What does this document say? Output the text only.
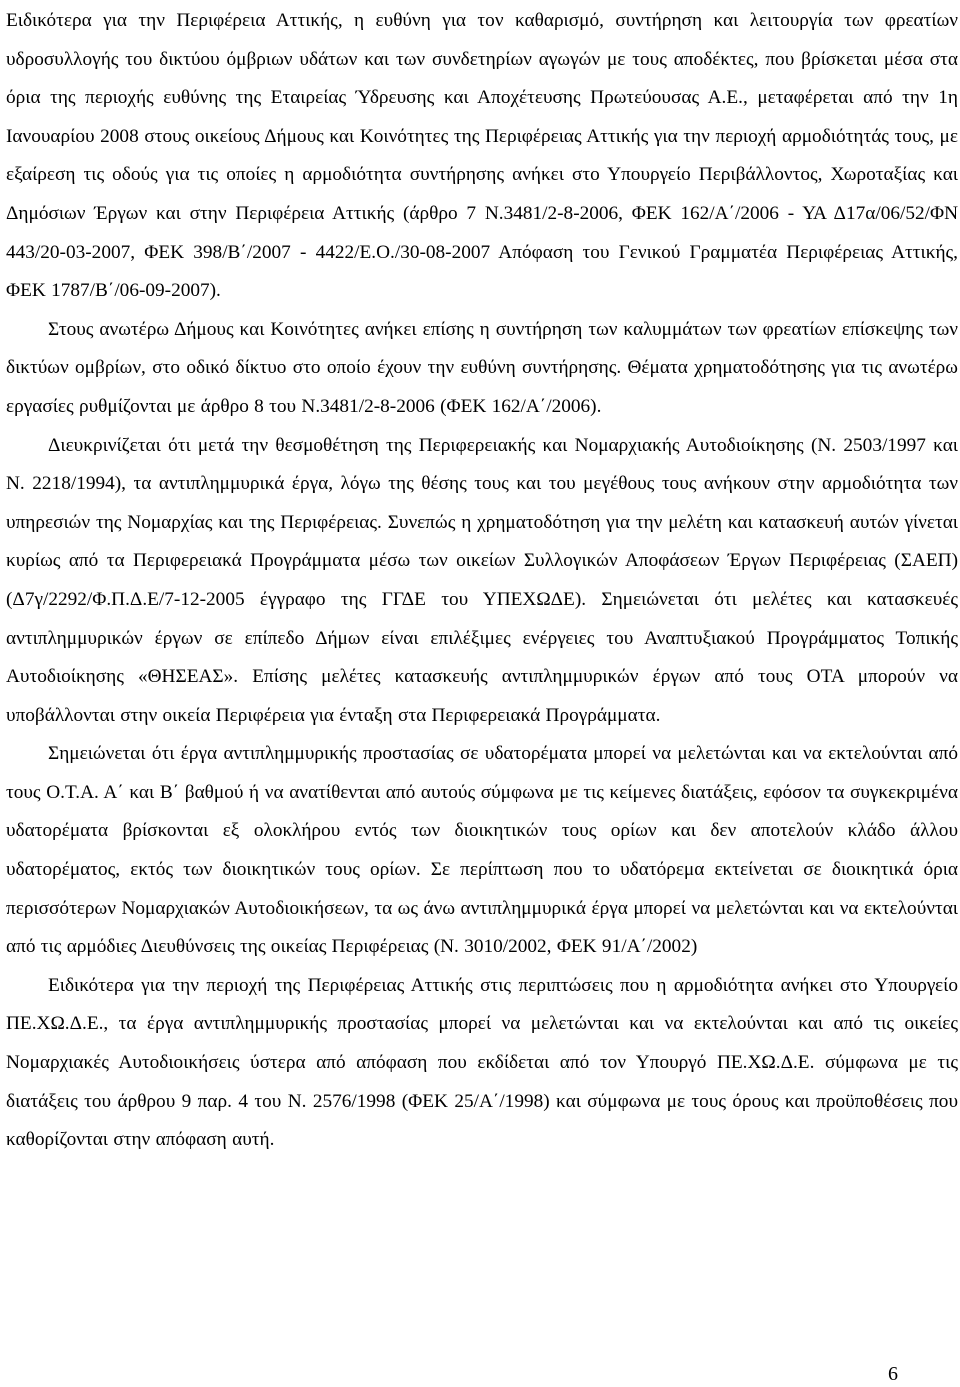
Ειδικότερα για την Περιφέρεια Αττικής, η ευθύνη για τον καθαρισμό, συντήρηση και λειτουργία των φρεατίων υδροσυλλογής του δικτύου όμβριων υδάτων και των συνδετηρίων αγωγών με τους αποδέκτες, που βρίσκεται μέσα στα όρια της περιοχής ευθύνης της Εταιρείας Ύδρευσης και Αποχέτευσης Πρωτεύουσας Α.Ε., μεταφέρεται από την 1η Ιανουαρίου 2008 στους οικείους Δήμους και Κοινότητες της Περιφέρειας Αττικής για την περιοχή αρμοδιότητάς τους, με εξαίρεση τις οδούς για τις οποίες η αρμοδιότητα συντήρησης ανήκει στο Υπουργείο Περιβάλλοντος, Χωροταξίας και Δημόσιων Έργων και στην Περιφέρεια Αττικής (άρθρο 7 Ν.3481/2-8-2006, ΦΕΚ 162/Α΄/2006 - ΥΑ Δ17α/06/52/ΦΝ 443/20-03-2007, ΦΕΚ 398/Β΄/2007 - 4422/Ε.Ο./30-08-2007 Απόφαση του Γενικού Γραμματέα Περιφέρειας Αττικής, ΦΕΚ 1787/Β΄/06-09-2007).

Στους ανωτέρω Δήμους και Κοινότητες ανήκει επίσης η συντήρηση των καλυμμάτων των φρεατίων επίσκεψης των δικτύων ομβρίων, στο οδικό δίκτυο στο οποίο έχουν την ευθύνη συντήρησης. Θέματα χρηματοδότησης για τις ανωτέρω εργασίες ρυθμίζονται με άρθρο 8 του Ν.3481/2-8-2006 (ΦΕΚ 162/Α΄/2006).

Διευκρινίζεται ότι μετά την θεσμοθέτηση της Περιφερειακής και Νομαρχιακής Αυτοδιοίκησης (Ν. 2503/1997 και Ν. 2218/1994), τα αντιπλημμυρικά έργα, λόγω της θέσης τους και του μεγέθους τους ανήκουν στην αρμοδιότητα των υπηρεσιών της Νομαρχίας και της Περιφέρειας. Συνεπώς η χρηματοδότηση για την μελέτη και κατασκευή αυτών γίνεται κυρίως από τα Περιφερειακά Προγράμματα μέσω των οικείων Συλλογικών Αποφάσεων Έργων Περιφέρειας (ΣΑΕΠ) (Δ7γ/2292/Φ.Π.Δ.Ε/7-12-2005 έγγραφο της ΓΓΔΕ του ΥΠΕΧΩΔΕ). Σημειώνεται ότι μελέτες και κατασκευές αντιπλημμυρικών έργων σε επίπεδο Δήμων είναι επιλέξιμες ενέργειες του Αναπτυξιακού Προγράμματος Τοπικής Αυτοδιοίκησης «ΘΗΣΕΑΣ». Επίσης μελέτες κατασκευής αντιπλημμυρικών έργων από τους ΟΤΑ μπορούν να υποβάλλονται στην οικεία Περιφέρεια για ένταξη στα Περιφερειακά Προγράμματα.

Σημειώνεται ότι έργα αντιπλημμυρικής προστασίας σε υδατορέματα μπορεί να μελετώνται και να εκτελούνται από τους Ο.Τ.Α. Α΄ και Β΄ βαθμού ή να ανατίθενται από αυτούς σύμφωνα με τις κείμενες διατάξεις, εφόσον τα συγκεκριμένα υδατορέματα βρίσκονται εξ ολοκλήρου εντός των διοικητικών τους ορίων και δεν αποτελούν κλάδο άλλου υδατορέματος, εκτός των διοικητικών τους ορίων. Σε περίπτωση που το υδατόρεμα εκτείνεται σε διοικητικά όρια περισσότερων Νομαρχιακών Αυτοδιοικήσεων, τα ως άνω αντιπλημμυρικά έργα μπορεί να μελετώνται και να εκτελούνται από τις αρμόδιες Διευθύνσεις της οικείας Περιφέρειας (Ν. 3010/2002, ΦΕΚ 91/Α΄/2002)

Ειδικότερα για την περιοχή της Περιφέρειας Αττικής στις περιπτώσεις που η αρμοδιότητα ανήκει στο Υπουργείο ΠΕ.ΧΩ.Δ.Ε., τα έργα αντιπλημμυρικής προστασίας μπορεί να μελετώνται και να εκτελούνται και από τις οικείες Νομαρχιακές Αυτοδιοικήσεις ύστερα από απόφαση που εκδίδεται από τον Υπουργό ΠΕ.ΧΩ.Δ.Ε. σύμφωνα με τις διατάξεις του άρθρου 9 παρ. 4 του Ν. 2576/1998 (ΦΕΚ 25/Α΄/1998) και σύμφωνα με τους όρους και προϋποθέσεις που καθορίζονται στην απόφαση αυτή.

6
